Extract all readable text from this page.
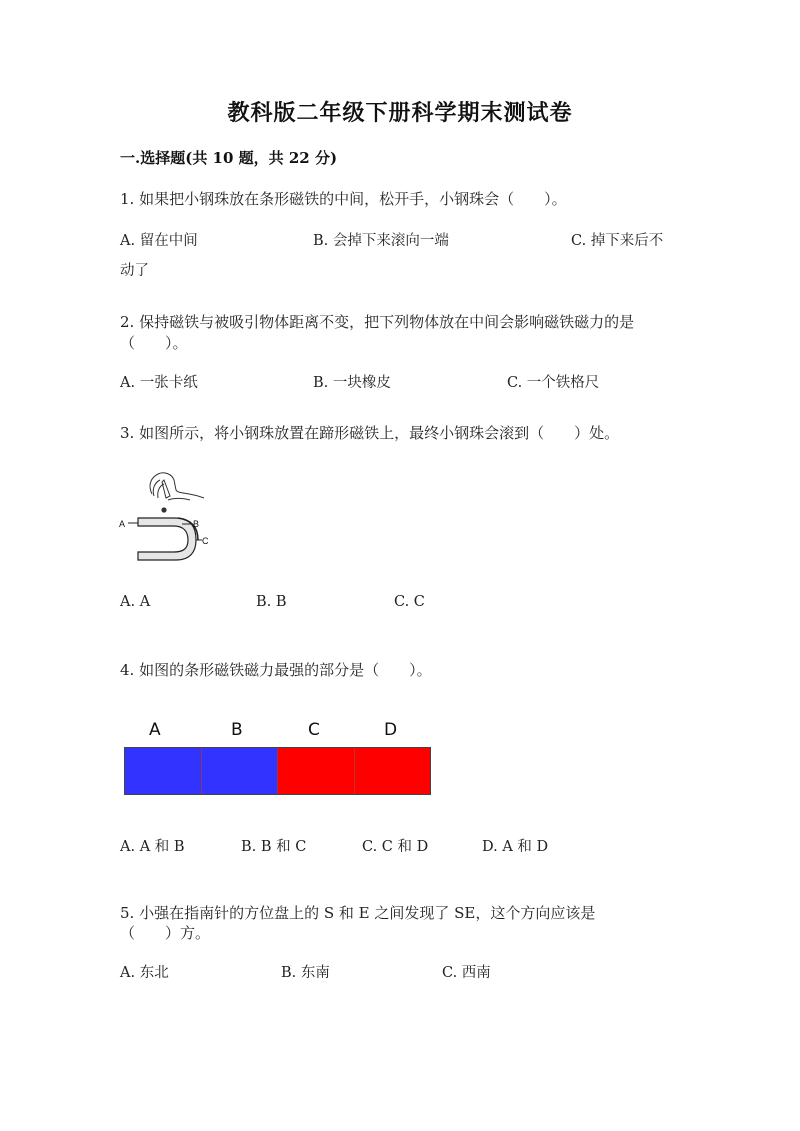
教科版二年级下册科学期末测试卷
一.选择题(共 10 题，共 22 分)
1. 如果把小钢珠放在条形磁铁的中间，松开手，小钢珠会（　　）。
A. 留在中间	B. 会掉下来滚向一端	C. 掉下来后不
动了
2. 保持磁铁与被吸引物体距离不变，把下列物体放在中间会影响磁铁磁力的是
（　　）。
A. 一张卡纸	B. 一块橡皮	C. 一个铁格尺
3. 如图所示，将小钢珠放置在蹄形磁铁上，最终小钢珠会滚到（　　）处。
A	B
C
A. A	B. B	C. C
4. 如图的条形磁铁磁力最强的部分是（　　）。
A	B	C	D
A. A 和 B	B. B 和 C	C. C 和 D	D. A 和 D
5. 小强在指南针的方位盘上的 S 和 E 之间发现了 SE，这个方向应该是
（　　）方。
A. 东北	B. 东南	C. 西南
